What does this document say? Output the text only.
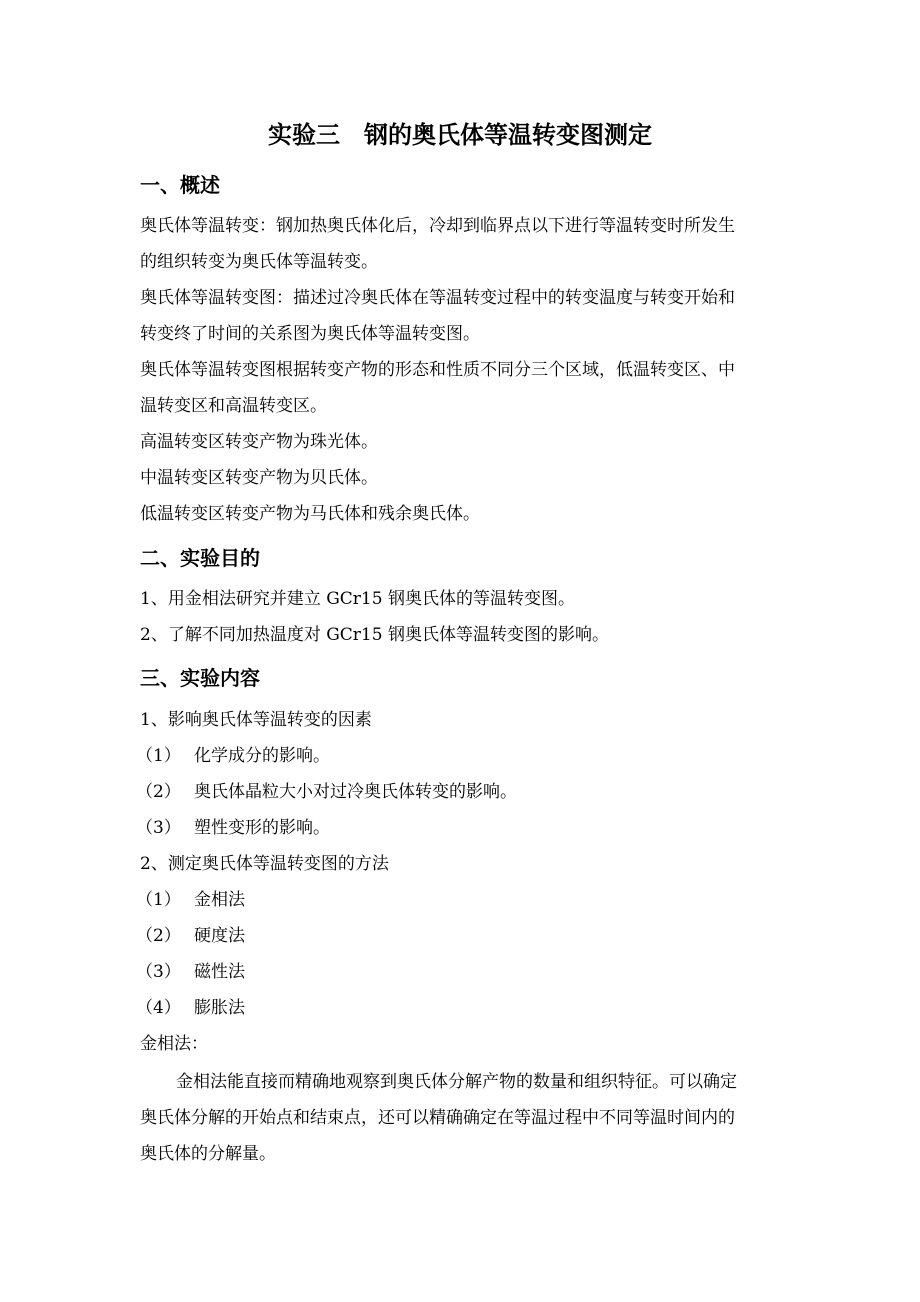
实验三　钢的奥氏体等温转变图测定
一、概述
奥氏体等温转变：钢加热奥氏体化后，冷却到临界点以下进行等温转变时所发生
的组织转变为奥氏体等温转变。
奥氏体等温转变图：描述过冷奥氏体在等温转变过程中的转变温度与转变开始和
转变终了时间的关系图为奥氏体等温转变图。
奥氏体等温转变图根据转变产物的形态和性质不同分三个区域，低温转变区、中
温转变区和高温转变区。
高温转变区转变产物为珠光体。
中温转变区转变产物为贝氏体。
低温转变区转变产物为马氏体和残余奥氏体。
二、实验目的
1、用金相法研究并建立 GCr15 钢奥氏体的等温转变图。
2、了解不同加热温度对 GCr15 钢奥氏体等温转变图的影响。
三、实验内容
1、影响奥氏体等温转变的因素
（1） 化学成分的影响。
（2） 奥氏体晶粒大小对过冷奥氏体转变的影响。
（3） 塑性变形的影响。
2、测定奥氏体等温转变图的方法
（1） 金相法
（2） 硬度法
（3） 磁性法
（4） 膨胀法
金相法：
金相法能直接而精确地观察到奥氏体分解产物的数量和组织特征。可以确定
奥氏体分解的开始点和结束点，还可以精确确定在等温过程中不同等温时间内的
奥氏体的分解量。
